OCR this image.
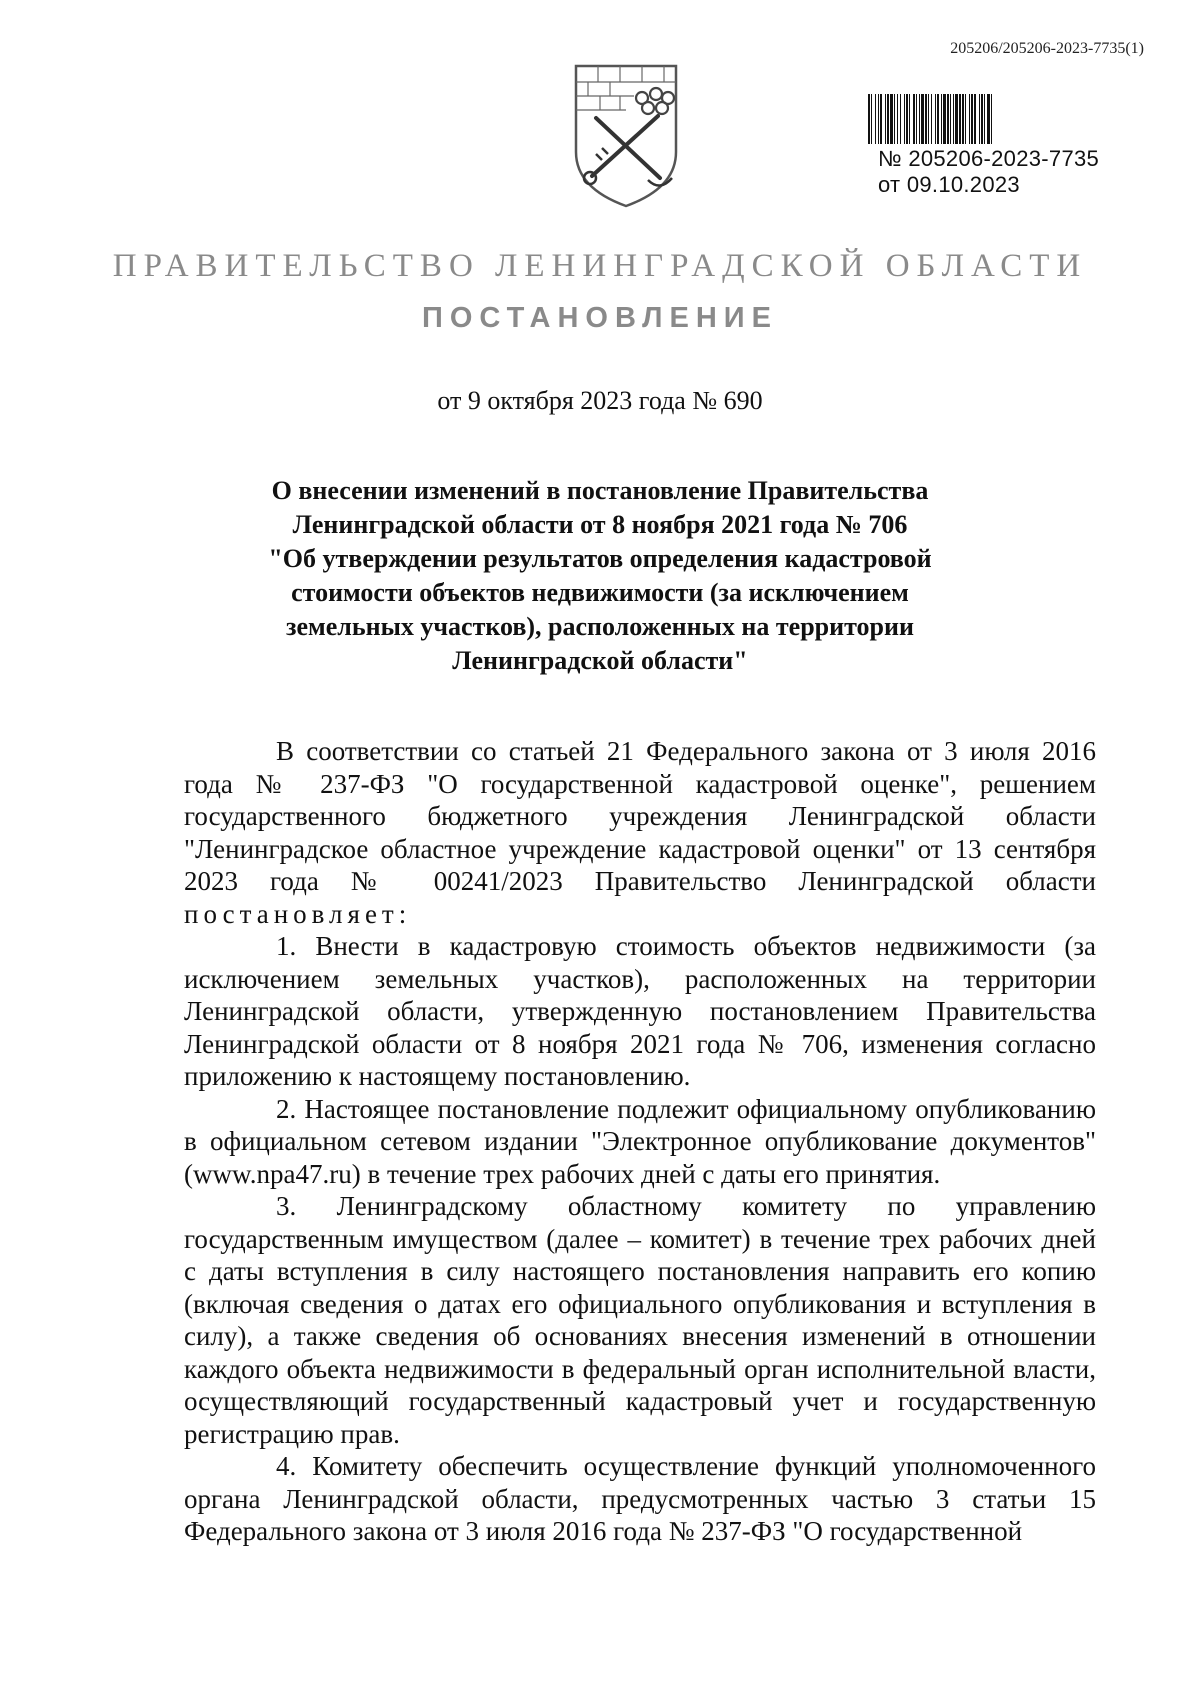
205206/205206-2023-7735(1)
№ 205206-2023-7735
от 09.10.2023
ПРАВИТЕЛЬСТВО ЛЕНИНГРАДСКОЙ ОБЛАСТИ
ПОСТАНОВЛЕНИЕ
от 9 октября 2023 года № 690
О внесении изменений в постановление Правительства
Ленинградской области от 8 ноября 2021 года № 706
"Об утверждении результатов определения кадастровой
стоимости объектов недвижимости (за исключением
земельных участков), расположенных на территории
Ленинградской области"

В соответствии со статьей 21 Федерального закона от 3 июля 2016 года № 237-ФЗ "О государственной кадастровой оценке", решением государственного бюджетного учреждения Ленинградской области "Ленинградское областное учреждение кадастровой оценки" от 13 сентября 2023 года № 00241/2023 Правительство Ленинградской области постановляет:

1. Внести в кадастровую стоимость объектов недвижимости (за исключением земельных участков), расположенных на территории Ленинградской области, утвержденную постановлением Правительства Ленинградской области от 8 ноября 2021 года № 706, изменения согласно приложению к настоящему постановлению.

2. Настоящее постановление подлежит официальному опубликованию в официальном сетевом издании "Электронное опубликование документов" (www.npa47.ru) в течение трех рабочих дней с даты его принятия.

3. Ленинградскому областному комитету по управлению государственным имуществом (далее – комитет) в течение трех рабочих дней с даты вступления в силу настоящего постановления направить его копию (включая сведения о датах его официального опубликования и вступления в силу), а также сведения об основаниях внесения изменений в отношении каждого объекта недвижимости в федеральный орган исполнительной власти, осуществляющий государственный кадастровый учет и государственную регистрацию прав.

4. Комитету обеспечить осуществление функций уполномоченного органа Ленинградской области, предусмотренных частью 3 статьи 15 Федерального закона от 3 июля 2016 года № 237-ФЗ "О государственной
